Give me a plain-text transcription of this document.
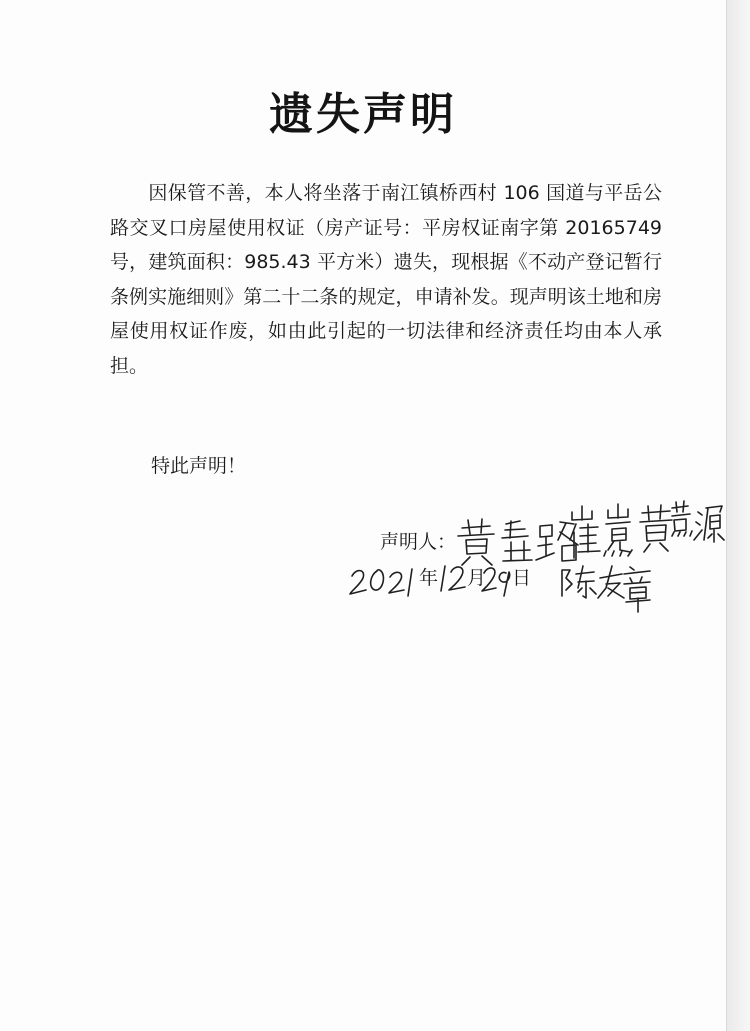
遗失声明
因保管不善，本人将坐落于南江镇桥西村 106 国道与平岳公路交叉口房屋使用权证（房产证号：平房权证南字第 20165749 号，建筑面积：985.43 平方米）遗失，现根据《不动产登记暂行条例实施细则》第二十二条的规定，申请补发。现声明该土地和房屋使用权证作废，如由此引起的一切法律和经济责任均由本人承担。
特此声明！
声明人：
年 月 日
